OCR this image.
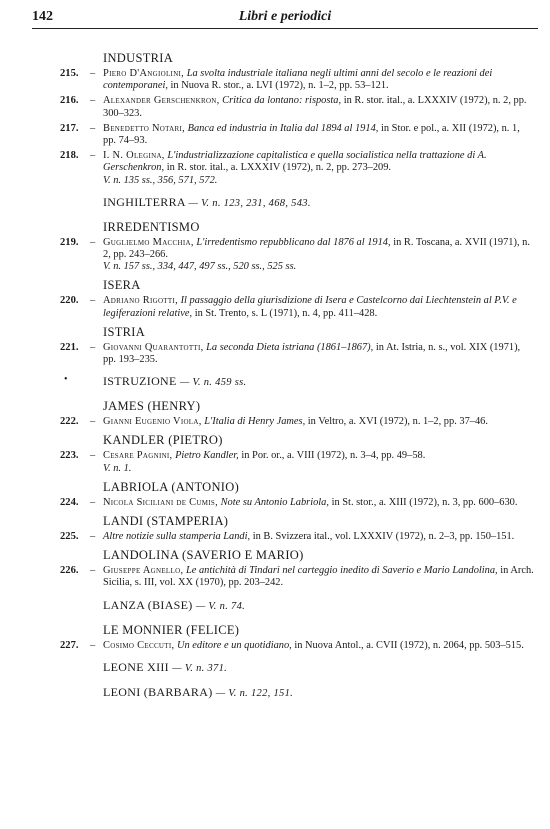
142	Libri e periodici
INDUSTRIA
215. – Piero D'Angiolini, La svolta industriale italiana negli ultimi anni del secolo e le reazioni dei contemporanei, in Nuova R. stor., a. LVI (1972), n. 1–2, pp. 53–121.
216. – Alexander Gerschenkron, Critica da lontano: risposta, in R. stor. ital., a. LXXXIV (1972), n. 2, pp. 300–323.
217. – Benedetto Notari, Banca ed industria in Italia dal 1894 al 1914, in Stor. e pol., a. XII (1972), n. 1, pp. 74–93.
218. – I. N. Olegina, L'industrializzazione capitalistica e quella socialistica nella trattazione di A. Gerschenkron, in R. stor. ital., a. LXXXIV (1972), n. 2, pp. 273–209.
V. n. 135 ss., 356, 571, 572.
INGHILTERRA — V. n. 123, 231, 468, 543.
IRREDENTISMO
219. – Guglielmo Macchia, L'irredentismo repubblicano dal 1876 al 1914, in R. Toscana, a. XVII (1971), n. 2, pp. 243–266.
V. n. 157 ss., 334, 447, 497 ss., 520 ss., 525 ss.
ISERA
220. – Adriano Rigotti, Il passaggio della giurisdizione di Isera e Castelcorno dai Liechtenstein al P.V. e legiferazioni relative, in St. Trento, s. L (1971), n. 4, pp. 411–428.
ISTRIA
221. – Giovanni Quarantotti, La seconda Dieta istriana (1861–1867), in At. Istria, n. s., vol. XIX (1971), pp. 193–235.
•	ISTRUZIONE — V. n. 459 ss.
JAMES (HENRY)
222. – Gianni Eugenio Viola, L'Italia di Henry James, in Veltro, a. XVI (1972), n. 1–2, pp. 37–46.
KANDLER (PIETRO)
223. – Cesare Pagnini, Pietro Kandler, in Por. or., a. VIII (1972), n. 3–4, pp. 49–58.
V. n. 1.
LABRIOLA (ANTONIO)
224. – Nicola Siciliani de Cumis, Note su Antonio Labriola, in St. stor., a. XIII (1972), n. 3, pp. 600–630.
LANDI (STAMPERIA)
225. – Altre notizie sulla stamperia Landi, in B. Svizzera ital., vol. LXXXIV (1972), n. 2–3, pp. 150–151.
LANDOLINA (SAVERIO E MARIO)
226. – Giuseppe Agnello, Le antichità di Tindari nel carteggio inedito di Saverio e Mario Landolina, in Arch. Sicilia, s. III, vol. XX (1970), pp. 203–242.
LANZA (BIASE) — V. n. 74.
LE MONNIER (FELICE)
227. – Cosimo Ceccuti, Un editore e un quotidiano, in Nuova Antol., a. CVII (1972), n. 2064, pp. 503–515.
LEONE XIII — V. n. 371.
LEONI (BARBARA) — V. n. 122, 151.
